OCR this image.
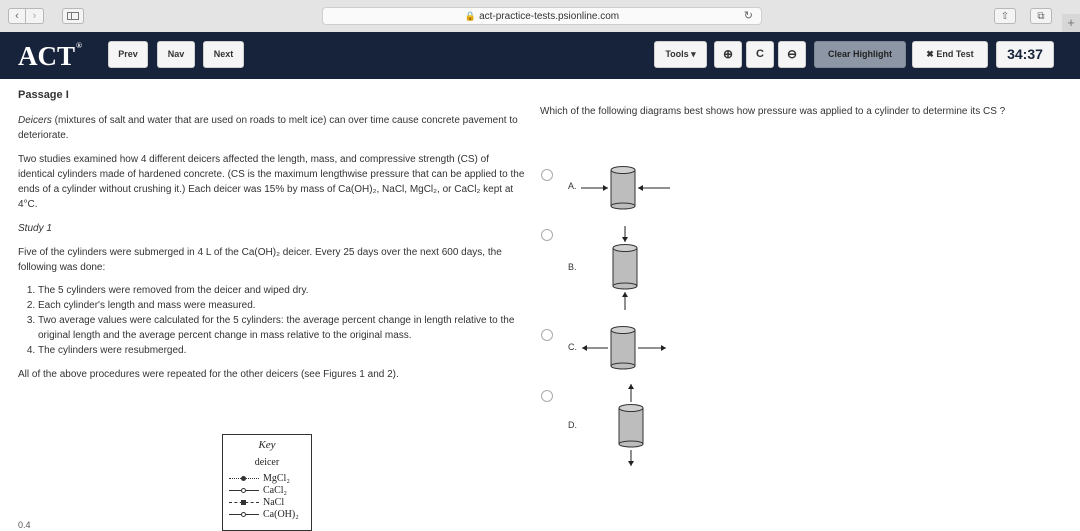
‹	›	🔒 act-practice-tests.psionline.com	↻	⇧	⧉	+
ACT®
Prev	Nav	Next	Tools ▾	⊕	C	⊖	Clear Highlight	✖ End Test	34:37

Passage I

Deicers (mixtures of salt and water that are used on roads to melt ice) can over time cause concrete pavement to deteriorate.

Two studies examined how 4 different deicers affected the length, mass, and compressive strength (CS) of identical cylinders made of hardened concrete. (CS is the maximum lengthwise pressure that can be applied to the ends of a cylinder without crushing it.) Each deicer was 15% by mass of Ca(OH)₂, NaCl, MgCl₂, or CaCl₂ kept at 4°C.

Study 1

Five of the cylinders were submerged in 4 L of the Ca(OH)₂ deicer. Every 25 days over the next 600 days, the following was done:

1. The 5 cylinders were removed from the deicer and wiped dry.
2. Each cylinder's length and mass were measured.
3. Two average values were calculated for the 5 cylinders: the average percent change in length relative to the original length and the average percent change in mass relative to the original mass.
4. The cylinders were resubmerged.

All of the above procedures were repeated for the other deicers (see Figures 1 and 2).

Key
deicer
MgCl₂
CaCl₂
NaCl
Ca(OH)₂
0.4
Which of the following diagrams best shows how pressure was applied to a cylinder to determine its CS ?
A.
B.
C.
D.
